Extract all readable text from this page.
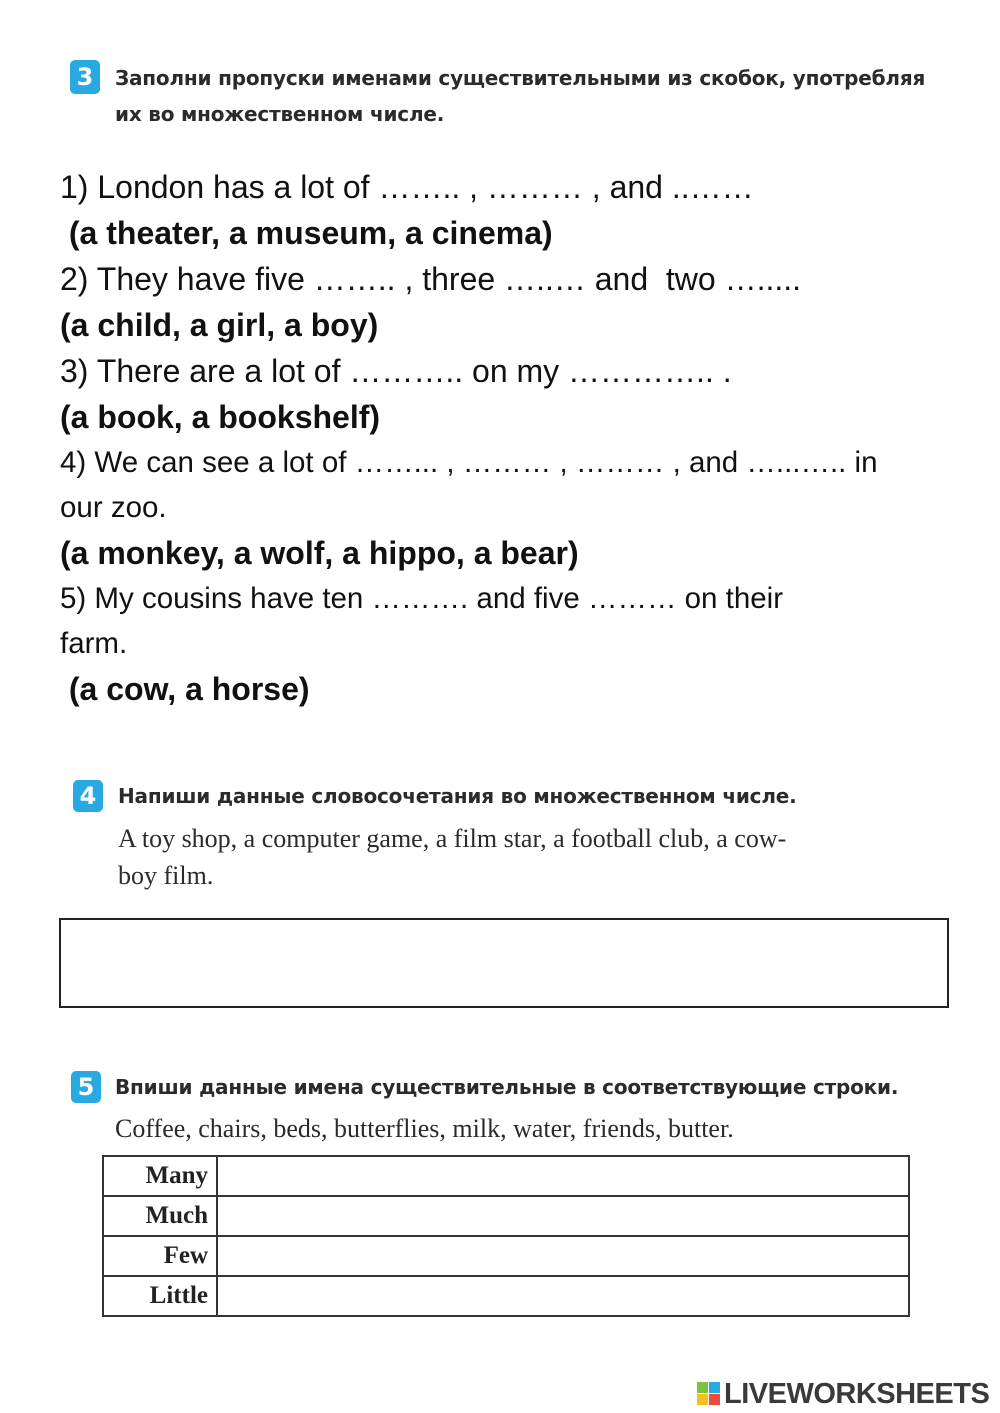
3	Заполни пропуски именами существительными из скобок, употребляя
их во множественном числе.
1) London has a lot of …….. , ……… , and ..……
(a theater, a museum, a cinema)
2) They have five …….. , three …..… and  two ….....
(a child, a girl, a boy)
3) There are a lot of ……….. on my ………….. .
(a book, a bookshelf)
4) We can see a lot of ……... , ……… , ……… , and …...….. in
our zoo.
(a monkey, a wolf, a hippo, a bear)
5) My cousins have ten ………. and five ……… on their
farm.
(a cow, a horse)
4	Напиши данные словосочетания во множественном числе.
A toy shop, a computer game, a film star, a football club, a cow-
boy film.
5	Впиши данные имена существительные в соответствующие строки.
Coffee, chairs, beds, butterflies, milk, water, friends, butter.
Many	
Much	
Few	
Little	
LIVEWORKSHEETS
